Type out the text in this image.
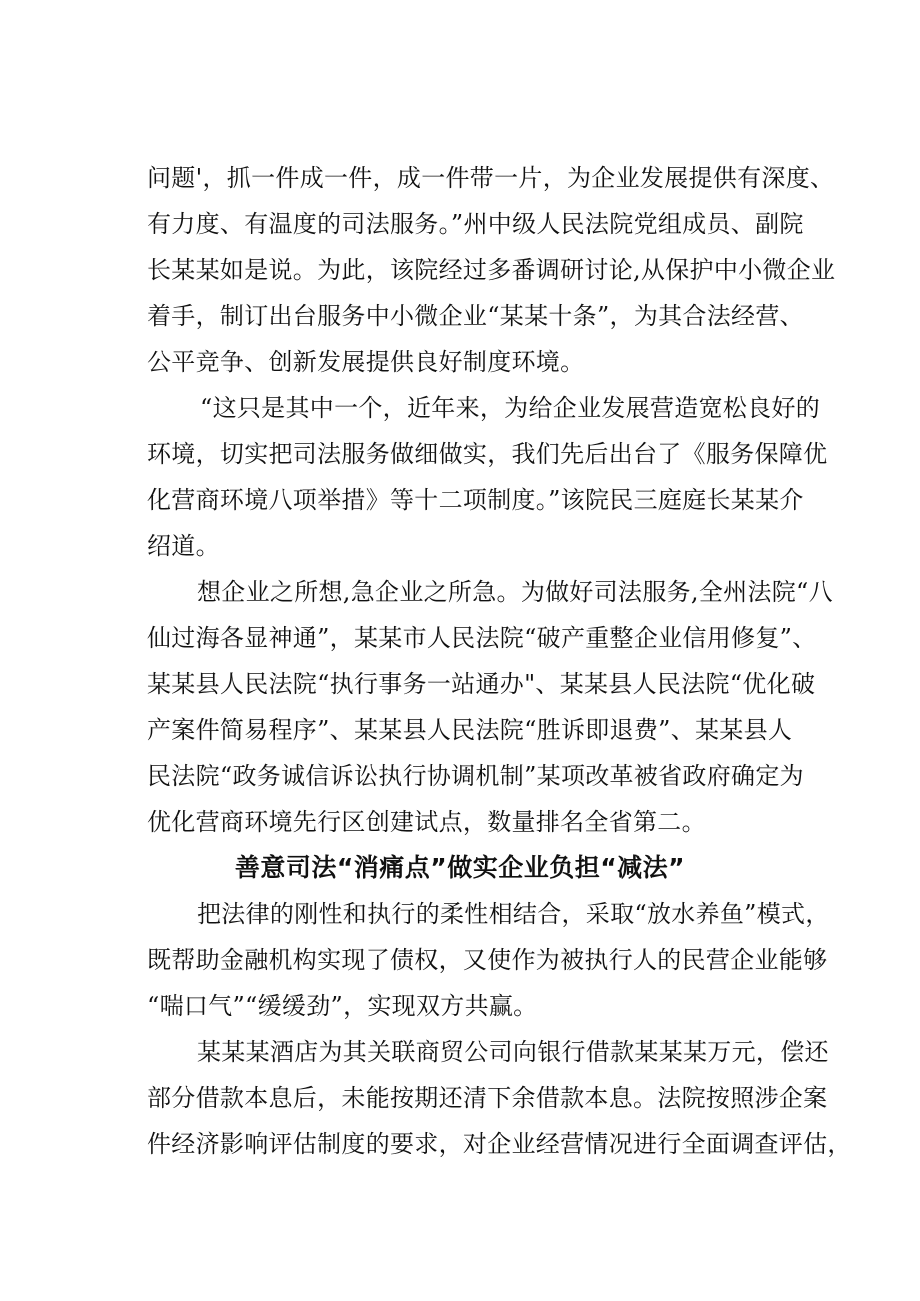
问题'，抓一件成一件，成一件带一片，为企业发展提供有深度、
有力度、有温度的司法服务。”州中级人民法院党组成员、副院
长某某如是说。为此，该院经过多番调研讨论,从保护中小微企业
着手，制订出台服务中小微企业“某某十条”，为其合法经营、
公平竞争、创新发展提供良好制度环境。
“这只是其中一个，近年来，为给企业发展营造宽松良好的
环境，切实把司法服务做细做实，我们先后出台了《服务保障优
化营商环境八项举措》等十二项制度。”该院民三庭庭长某某介
绍道。
想企业之所想,急企业之所急。为做好司法服务,全州法院“八
仙过海各显神通”，某某市人民法院“破产重整企业信用修复”、
某某县人民法院“执行事务一站通办"、某某县人民法院“优化破
产案件简易程序”、某某县人民法院“胜诉即退费”、某某县人
民法院“政务诚信诉讼执行协调机制”某项改革被省政府确定为
优化营商环境先行区创建试点，数量排名全省第二。
善意司法“消痛点”做实企业负担“减法”
把法律的刚性和执行的柔性相结合，采取“放水养鱼”模式，
既帮助金融机构实现了债权，又使作为被执行人的民营企业能够
“喘口气”“缓缓劲”，实现双方共赢。
某某某酒店为其关联商贸公司向银行借款某某某万元，偿还
部分借款本息后，未能按期还清下余借款本息。法院按照涉企案
件经济影响评估制度的要求，对企业经营情况进行全面调查评估，
